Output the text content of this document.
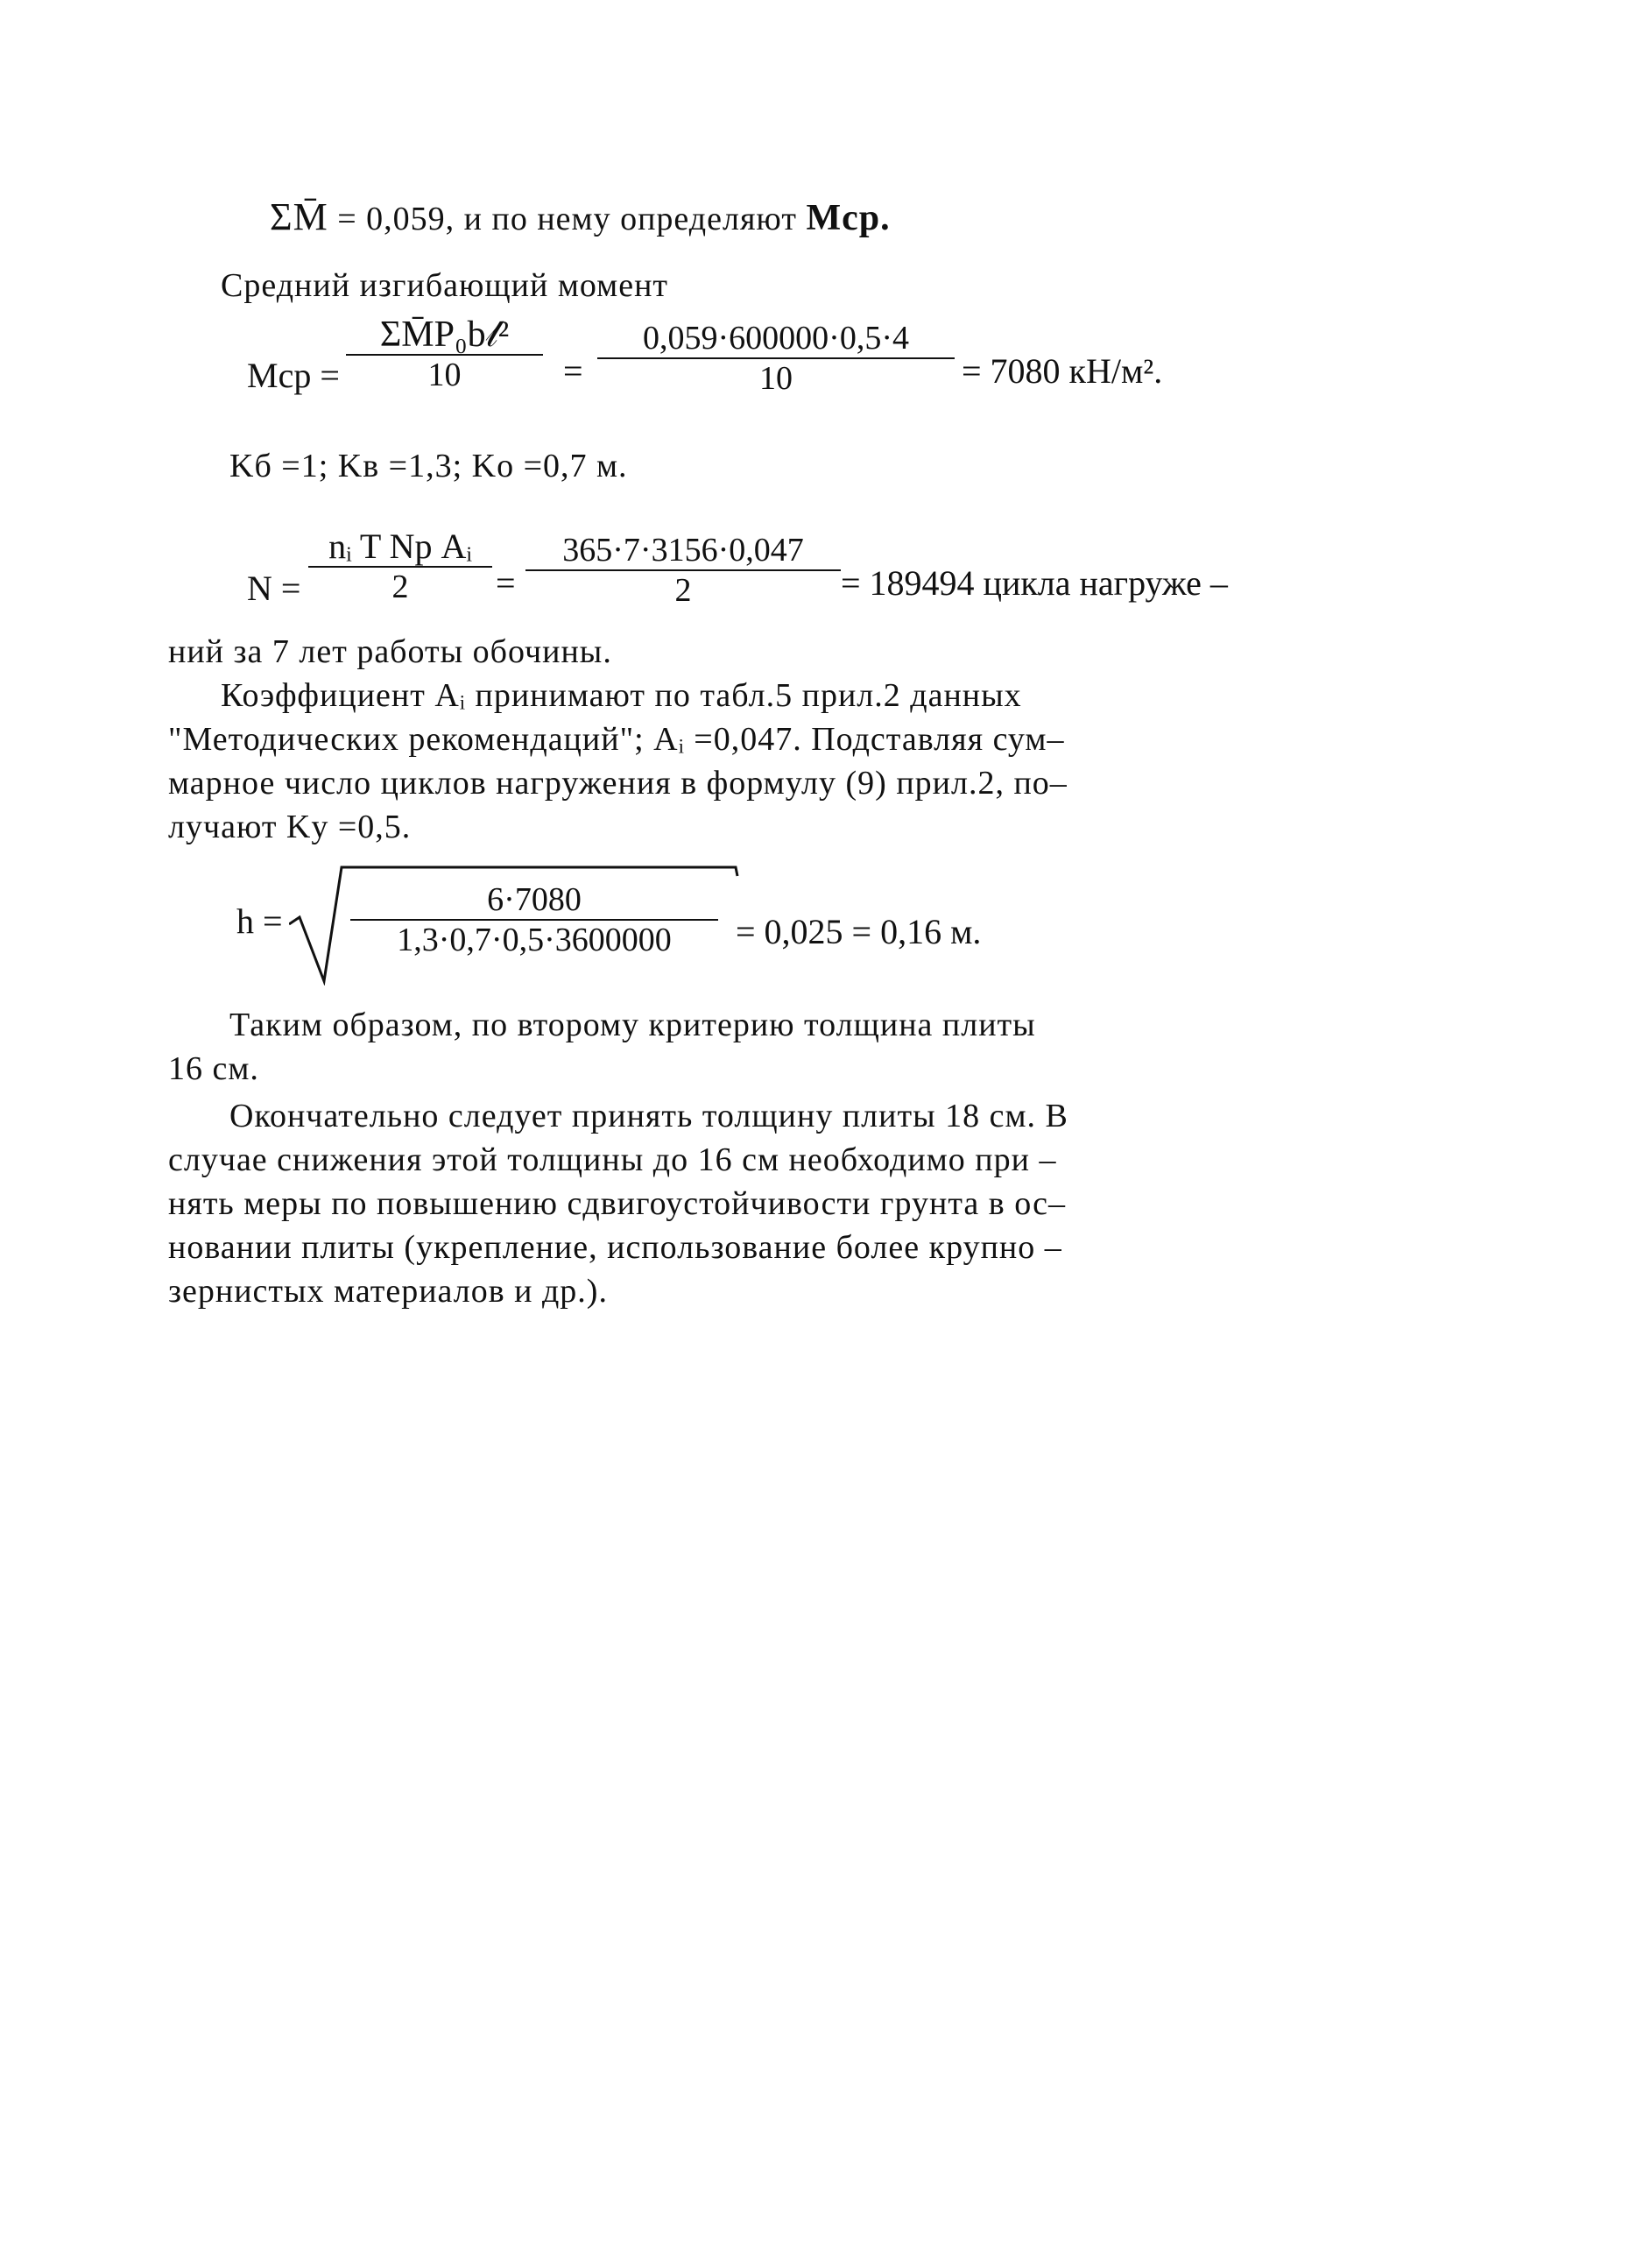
ΣM̄ = 0,059, и по нему определяют Mср.
Средний изгибающий момент
Mср =
ΣM̄P₀b𝓁²
10	=
0,059·600000·0,5·4
10	= 7080 кН/м².
Kб =1; Kв =1,3; Kо =0,7 м.
N =
nᵢ T Nр Aᵢ
2 =
365·7·3156·0,047
2	= 189494 цикла нагруже –
ний за 7 лет работы обочины.
Коэффициент Aᵢ принимают по табл.5 прил.2 данных
"Методических рекомендаций"; Aᵢ =0,047. Подставляя сум–
марное число циклов нагружения в формулу (9) прил.2, по–
лучают Kу =0,5.
h =
6·7080
1,3·0,7·0,5·3600000 = 0,025 = 0,16 м.
Таким образом, по второму критерию толщина плиты
16 см.
Окончательно следует принять толщину плиты 18 см. В
случае снижения этой толщины до 16 см необходимо при –
нять меры по повышению сдвигоустойчивости грунта в ос–
новании плиты (укрепление, использование более крупно –
зернистых материалов и др.).
